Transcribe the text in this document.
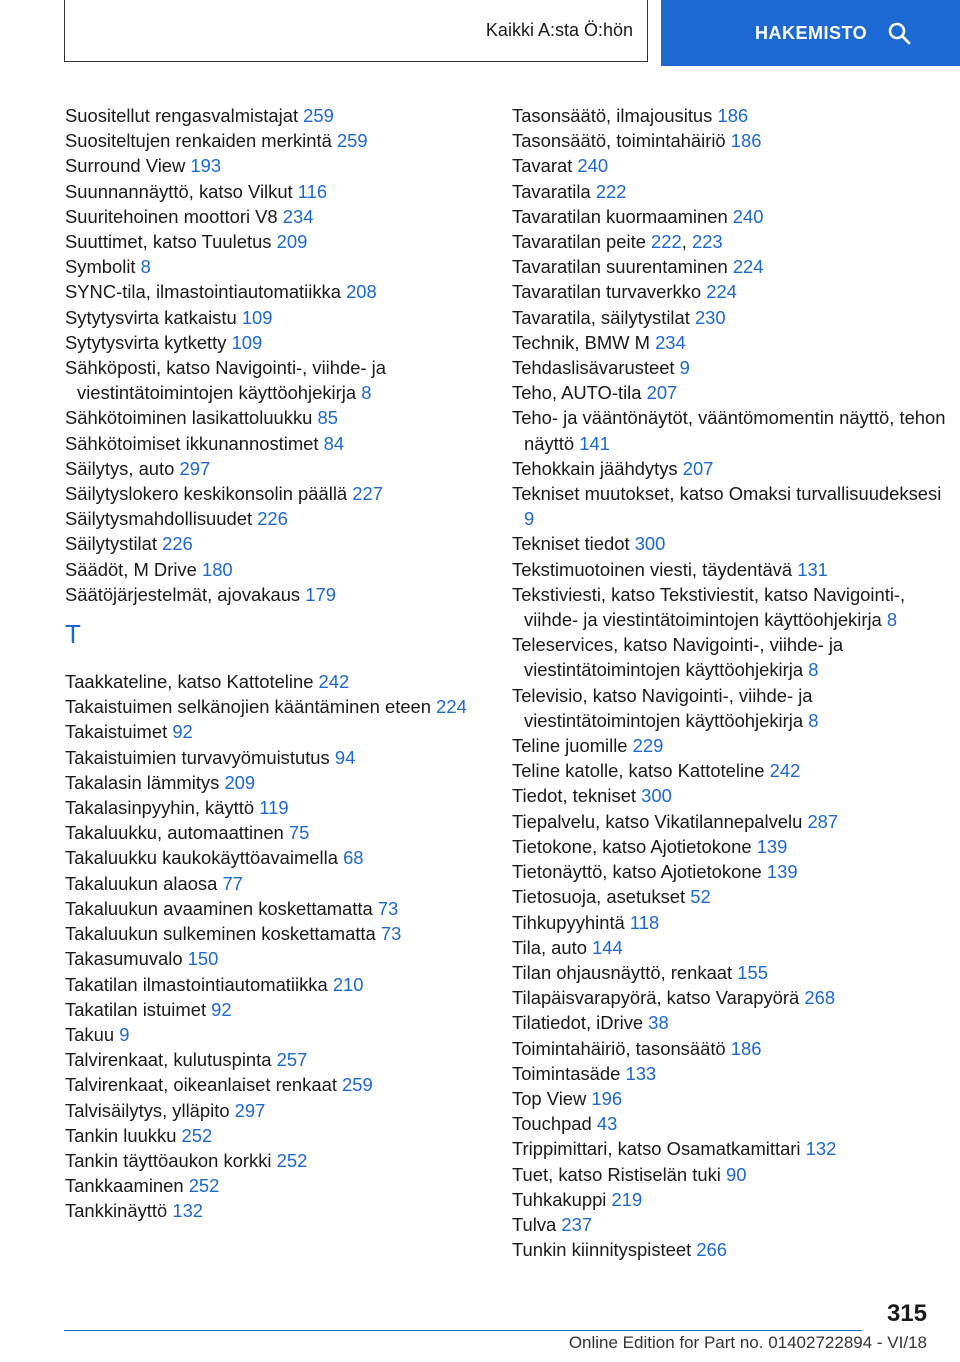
Kaikki A:sta Ö:hön	HAKEMISTO
Suositellut rengasvalmistajat 259
Suositeltujen renkaiden merkintä 259
Surround View 193
Suunnannäyttö, katso Vilkut 116
Suuritehoinen moottori V8 234
Suuttimet, katso Tuuletus 209
Symbolit 8
SYNC-tila, ilmastointiautomatiikka 208
Sytytysvirta katkaistu 109
Sytytysvirta kytketty 109
Sähköposti, katso Navigointi-, viihde- ja viestintätoimintojen käyttöohjekirja 8
Sähkötoiminen lasikattoluukku 85
Sähkötoimiset ikkunannostimet 84
Säilytys, auto 297
Säilytyslokero keskikonsolin päällä 227
Säilytysmahdollisuudet 226
Säilytystilat 226
Säädöt, M Drive 180
Säätöjärjestelmät, ajovakaus 179
T
Taakkateline, katso Kattoteline 242
Takaistuimen selkänojien kääntäminen eteen 224
Takaistuimet 92
Takaistuimien turvavyömuistutus 94
Takalasin lämmitys 209
Takalasinpyyhin, käyttö 119
Takaluukku, automaattinen 75
Takaluukku kaukokäyttöavaimella 68
Takaluukun alaosa 77
Takaluukun avaaminen koskettamatta 73
Takaluukun sulkeminen koskettamatta 73
Takasumuvalo 150
Takatilan ilmastointiautomatiikka 210
Takatilan istuimet 92
Takuu 9
Talvirenkaat, kulutuspinta 257
Talvirenkaat, oikeanlaiset renkaat 259
Talvisäilytys, ylläpito 297
Tankin luukku 252
Tankin täyttöaukon korkki 252
Tankkaaminen 252
Tankkinäyttö 132
Tasonsäätö, ilmajousitus 186
Tasonsäätö, toimintahäiriö 186
Tavarat 240
Tavaratila 222
Tavaratilan kuormaaminen 240
Tavaratilan peite 222, 223
Tavaratilan suurentaminen 224
Tavaratilan turvaverkko 224
Tavaratila, säilytystilat 230
Technik, BMW M 234
Tehdaslisävarusteet 9
Teho, AUTO-tila 207
Teho- ja vääntönäytöt, vääntömomentin näyttö, tehon näyttö 141
Tehokkain jäähdytys 207
Tekniset muutokset, katso Omaksi turvallisuudeksesi 9
Tekniset tiedot 300
Tekstimuotoinen viesti, täydentävä 131
Tekstiviesti, katso Tekstiviestit, katso Navigointi-, viihde- ja viestintätoimintojen käyttöohjekirja 8
Teleservices, katso Navigointi-, viihde- ja viestintätoimintojen käyttöohjekirja 8
Televisio, katso Navigointi-, viihde- ja viestintätoimintojen käyttöohjekirja 8
Teline juomille 229
Teline katolle, katso Kattoteline 242
Tiedot, tekniset 300
Tiepalvelu, katso Vikatilannepalvelu 287
Tietokone, katso Ajotietokone 139
Tietonäyttö, katso Ajotietokone 139
Tietosuoja, asetukset 52
Tihkupyyhintä 118
Tila, auto 144
Tilan ohjausnäyttö, renkaat 155
Tilapäisvarapyörä, katso Varapyörä 268
Tilatiedot, iDrive 38
Toimintahäiriö, tasonsäätö 186
Toimintasäde 133
Top View 196
Touchpad 43
Trippimittari, katso Osamatkamittari 132
Tuet, katso Ristiselän tuki 90
Tuhkakuppi 219
Tulva 237
Tunkin kiinnityspisteet 266
315
Online Edition for Part no. 01402722894 - VI/18
